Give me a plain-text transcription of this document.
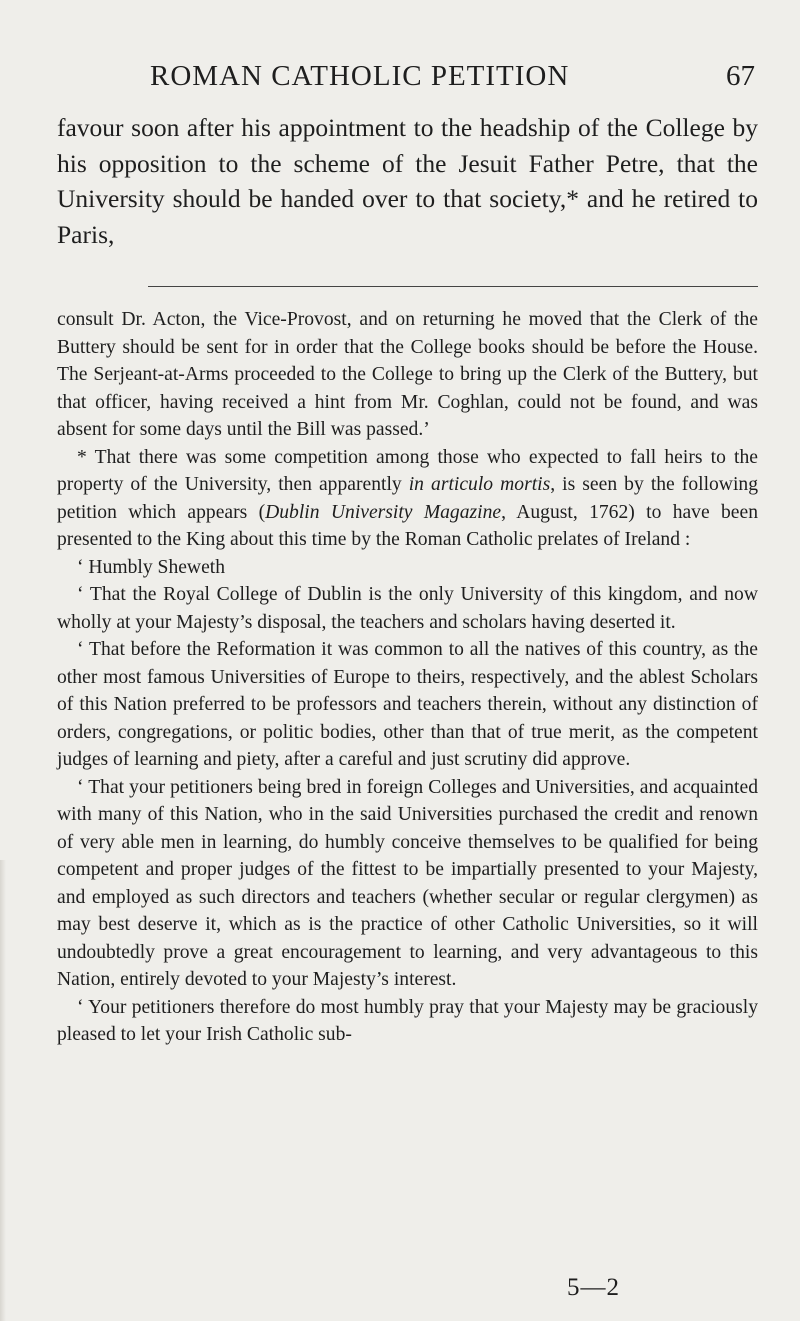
ROMAN CATHOLIC PETITION	67

favour soon after his appointment to the headship of the College by his opposition to the scheme of the Jesuit Father Petre, that the University should be handed over to that society,* and he retired to Paris,

consult Dr. Acton, the Vice-Provost, and on returning he moved that the Clerk of the Buttery should be sent for in order that the College books should be before the House. The Serjeant-at-Arms proceeded to the College to bring up the Clerk of the Buttery, but that officer, having received a hint from Mr. Coghlan, could not be found, and was absent for some days until the Bill was passed.’

* That there was some competition among those who expected to fall heirs to the property of the University, then apparently in articulo mortis, is seen by the following petition which appears (Dublin University Magazine, August, 1762) to have been presented to the King about this time by the Roman Catholic prelates of Ireland :

‘ Humbly Sheweth

‘ That the Royal College of Dublin is the only University of this kingdom, and now wholly at your Majesty’s disposal, the teachers and scholars having deserted it.

‘ That before the Reformation it was common to all the natives of this country, as the other most famous Universities of Europe to theirs, respectively, and the ablest Scholars of this Nation preferred to be professors and teachers therein, without any distinction of orders, congregations, or politic bodies, other than that of true merit, as the competent judges of learning and piety, after a careful and just scrutiny did approve.

‘ That your petitioners being bred in foreign Colleges and Universities, and acquainted with many of this Nation, who in the said Universities purchased the credit and renown of very able men in learning, do humbly conceive themselves to be qualified for being competent and proper judges of the fittest to be impartially presented to your Majesty, and employed as such directors and teachers (whether secular or regular clergymen) as may best deserve it, which as is the practice of other Catholic Universities, so it will undoubtedly prove a great encouragement to learning, and very advantageous to this Nation, entirely devoted to your Majesty’s interest.

‘ Your petitioners therefore do most humbly pray that your Majesty may be graciously pleased to let your Irish Catholic sub-

5—2
